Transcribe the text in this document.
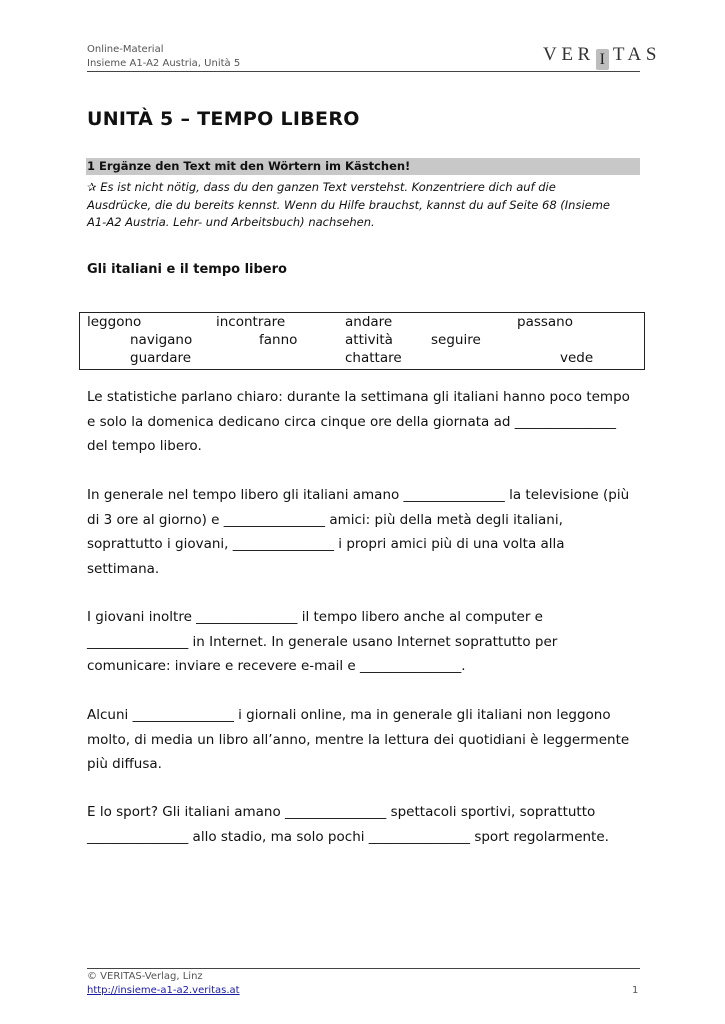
Online-Material
Insieme A1-A2 Austria, Unità 5	VER I TAS
UNITÀ 5 – TEMPO LIBERO
1 Ergänze den Text mit den Wörtern im Kästchen!
✰ Es ist nicht nötig, dass du den ganzen Text verstehst. Konzentriere dich auf die Ausdrücke, die du bereits kennst. Wenn du Hilfe brauchst, kannst du auf Seite 68 (Insieme A1-A2 Austria. Lehr- und Arbeitsbuch) nachsehen.
Gli italiani e il tempo libero
leggono	incontrare	andare	passano
navigano	fanno	attività	seguire
guardare	chattare	vede

Le statistiche parlano chiaro: durante la settimana gli italiani hanno poco tempo e solo la domenica dedicano circa cinque ore della giornata ad _______________ del tempo libero.

In generale nel tempo libero gli italiani amano _______________ la televisione (più di 3 ore al giorno) e _______________ amici: più della metà degli italiani, soprattutto i giovani, _______________ i propri amici più di una volta alla settimana.

I giovani inoltre _______________ il tempo libero anche al computer e _______________ in Internet. In generale usano Internet soprattutto per comunicare: inviare e recevere e-mail e _______________.

Alcuni _______________ i giornali online, ma in generale gli italiani non leggono molto, di media un libro all’anno, mentre la lettura dei quotidiani è leggermente più diffusa.

E lo sport? Gli italiani amano _______________ spettacoli sportivi, soprattutto _______________ allo stadio, ma solo pochi _______________ sport regolarmente.

© VERITAS-Verlag, Linz
http://insieme-a1-a2.veritas.at	1
